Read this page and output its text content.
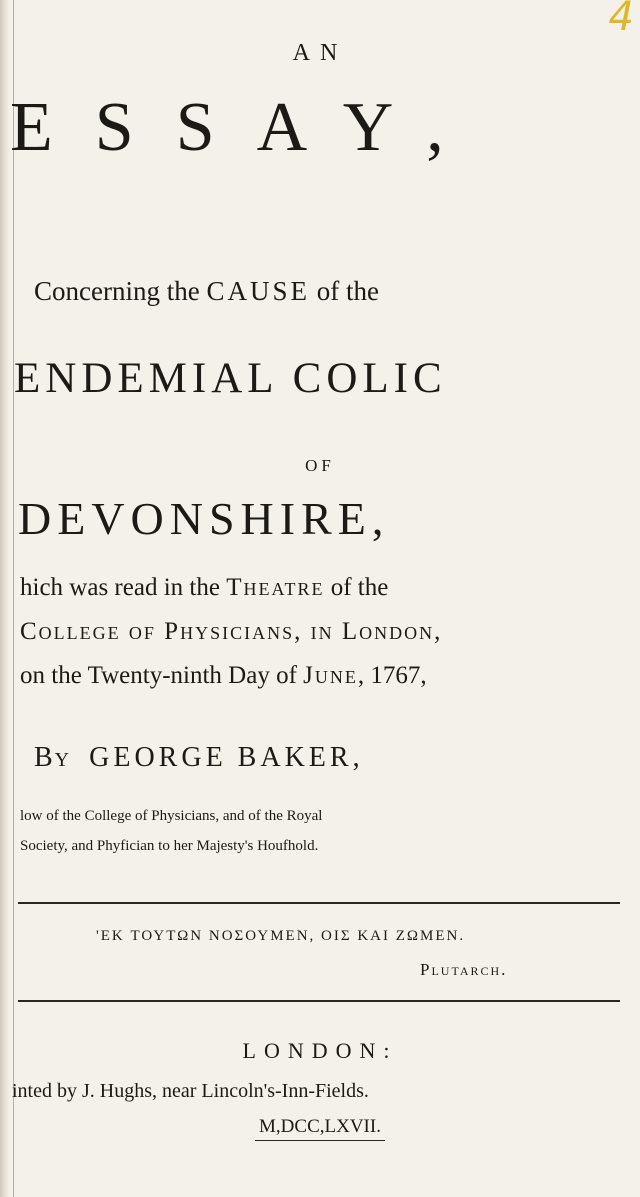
4
AN
ESSAY,
Concerning the CAUSE of the
ENDEMIAL COLIC
OF
DEVONSHIRE,
hich was read in the Theatre of the
College of Physicians, in London,
on the Twenty-ninth Day of June, 1767,
By GEORGE BAKER,
low of the College of Physicians, and of the Royal
Society, and Phyfician to her Majesty's Houfhold.
'EK ΤΟΥΤΩΝ ΝΟΣΟΥΜΕΝ, ΟΙΣ ΚΑΙ ΖΩΜΕΝ.
Plutarch.
LONDON:
inted by J. Hughs, near Lincoln's-Inn-Fields.
M,DCC,LXVII.
